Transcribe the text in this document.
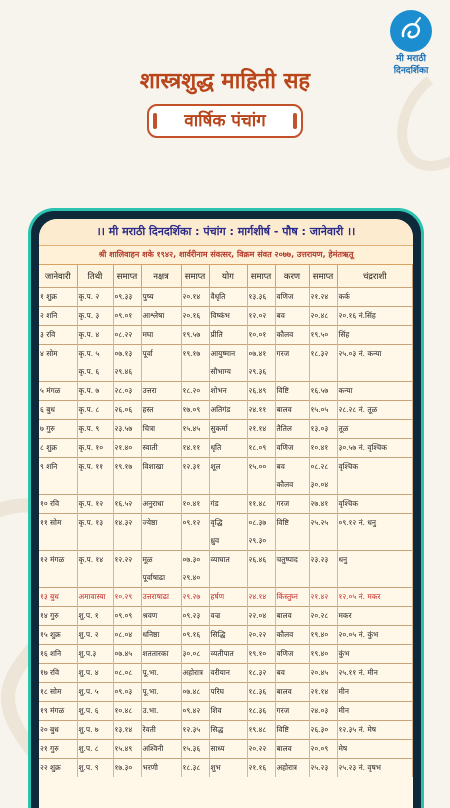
मी मराठी
दिनदर्शिका
शास्त्रशुद्ध माहिती सह
वार्षिक पंचांग
।। मी मराठी दिनदर्शिका : पंचांग : मार्गशीर्ष - पौष : जानेवारी ।।
श्री शालिवाहन शके १९४२, शार्वरीनाम संवत्सर, विक्रम संवत २०७७, उत्तरायण, हेमंतऋतू
जानेवारी	तिथी	समाप्त	नक्षत्र	समाप्त	योग	समाप्त	करण	समाप्त	चंद्रराशी
१ शुक्र	कृ.प. २	०९.३३	पुष्य	२०.१४	वैधृति	१३.३६	वणिज	२१.२४	कर्क
२ शनि	कृ.प. ३	०९.०१	आश्लेषा	२०.१६	विष्कंभ	१२.०२	बव	२०.४८	२०.१६ नं.सिंह
३ रवि	कृ.प. ४	०८.२२	मघा	१९.५७	प्रीति	१०.०१	कौलव	१९.५०	सिंह
४ सोम	कृ.प. ५	०७.१३	पूर्वा	१९.१७	आयुष्मान	०७.४१	गरज	१८.३२	२५.०३ नं. कन्या
	कृ.प. ६	२९.४६			सौभाग्य	२९.३६			
५ मंगळ	कृ.प. ७	२८.०३	उत्तरा	१८.२०	शोभन	२६.४९	विष्टि	१६.५७	कन्या
६ बुध	कृ.प. ८	२६.०६	हस्त	१७.०९	अतिगंड	२४.११	बालव	१५.०५	२८.२८ नं. तूळ
७ गुरु	कृ.प. ९	२३.५७	चित्रा	१५.४५	सुकर्मा	२१.१४	तैतिल	१३.०३	तूळ
८ शुक्र	कृ.प. १०	२१.४०	स्वाती	१४.११	धृति	१८.०९	वणिज	१०.४१	३०.५७ नं. वृश्चिक
९ शनि	कृ.प. ११	१९.१७	विशाखा	१२.३१	शूल	१५.००	बव	०८.२८	वृश्चिक
							कौलव	३०.०४	
१० रवि	कृ.प. १२	१६.५२	अनुराधा	१०.४१	गंड	११.४८	गरज	२७.४१	वृश्चिक
११ सोम	कृ.प. १३	१४.३२	ज्येष्ठा	०९.१२	वृद्धि	०८.३७	विष्टि	२५.२५	०९.१२ नं. धनु
					ध्रुव	२९.३०			
१२ मंगळ	कृ.प. १४	१२.२२	मूळ	०७.३०	व्याघात	२६.४६	चतुष्पाद	२३.२३	धनु
			पूर्वाषाढा	२९.४०					
१३ बुध	अमावास्या	१०.२९	उत्तराषाढा	२९.२७	हर्षण	२४.१४	किंस्तुघ्न	२१.४२	१२.०५ नं. मकर
१४ गुरु	शु.प. १	०९.०९	श्रवण	०९.२३	वज्र	२२.०४	बालव	२०.२८	मकर
१५ शुक्र	शु.प. २	०८.०४	धनिष्ठा	०९.१६	सिद्धि	२०.२२	कौलव	१९.४०	२०.०५ नं. कुंभ
१६ शनि	शु.प.३	०७.४५	शततारका	३०.०८	व्यतीपात	१९.१०	वणिज	१९.४०	कुंभ
१७ रवि	शु.प. ४	०८.०८	पू.भा.	अहोरात्र	वरीयान	१८.३२	बव	२०.४५	२५.११ नं. मीन
१८ सोम	शु.प. ५	०९.०३	पू.भा.	०७.४८	परिघ	१८.३६	बालव	२१.१४	मीन
१९ मंगळ	शु.प. ६	१०.४८	उ.भा.	०९.४२	शिव	१८.३६	गरज	२४.०३	मीन
२० बुध	शु.प. ७	१३.१४	रेवती	१२.३५	सिद्ध	१९.४८	विष्टि	२६.३०	१२.३५ नं. मेष
२१ गुरु	शु.प. ८	१५.४९	अश्विनी	१५.३६	साध्य	२०.२२	बालव	२०.०९	मेष
२२ शुक्र	शु.प. ९	१७.३०	भरणी	१८.३८	शुभ	२१.१६	अहोरात्र	२५.२३	२५.२३ नं. वृषभ
